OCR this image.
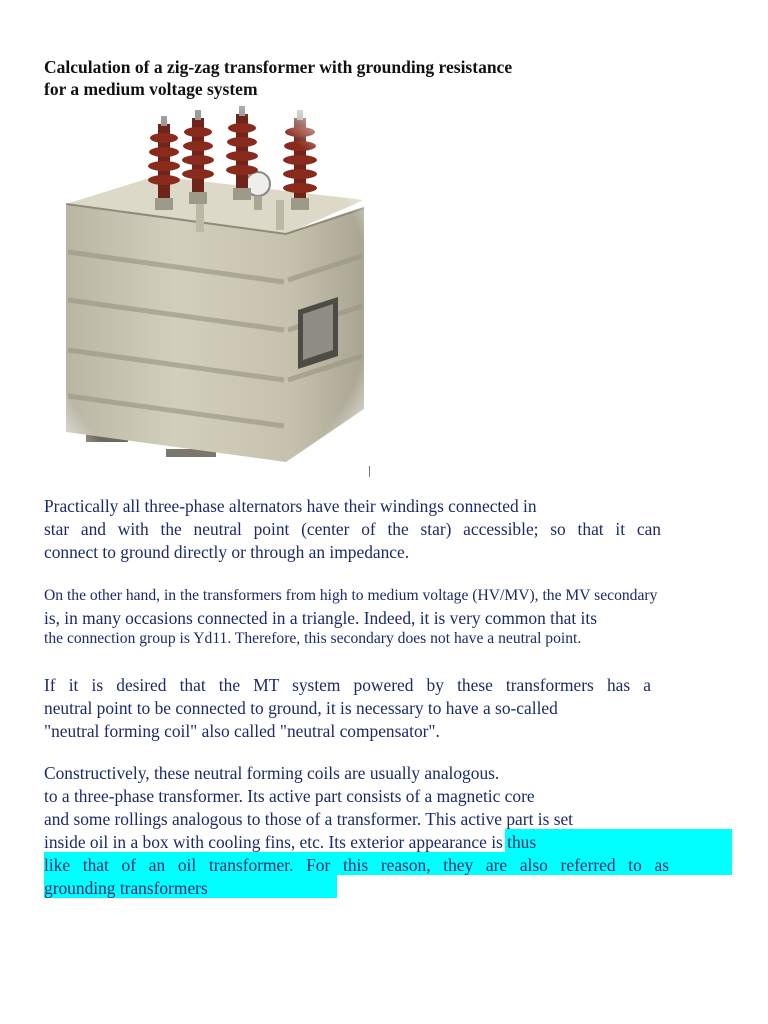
Calculation of a zig-zag transformer with grounding resistance
for a medium voltage system
Practically all three-phase alternators have their windings connected in
star and with the neutral point (center of the star) accessible; so that it can
connect to ground directly or through an impedance.
On the other hand, in the transformers from high to medium voltage (HV/MV), the MV secondary
is, in many occasions connected in a triangle. Indeed, it is very common that its
the connection group is Yd11. Therefore, this secondary does not have a neutral point.
If it is desired that the MT system powered by these transformers has a
neutral point to be connected to ground, it is necessary to have a so-called
"neutral forming coil" also called "neutral compensator".
Constructively, these neutral forming coils are usually analogous.
to a three-phase transformer. Its active part consists of a magnetic core
and some rollings analogous to those of a transformer. This active part is set
inside oil in a box with cooling fins, etc. Its exterior appearance is thus
like that of an oil transformer. For this reason, they are also referred to as
grounding transformers
